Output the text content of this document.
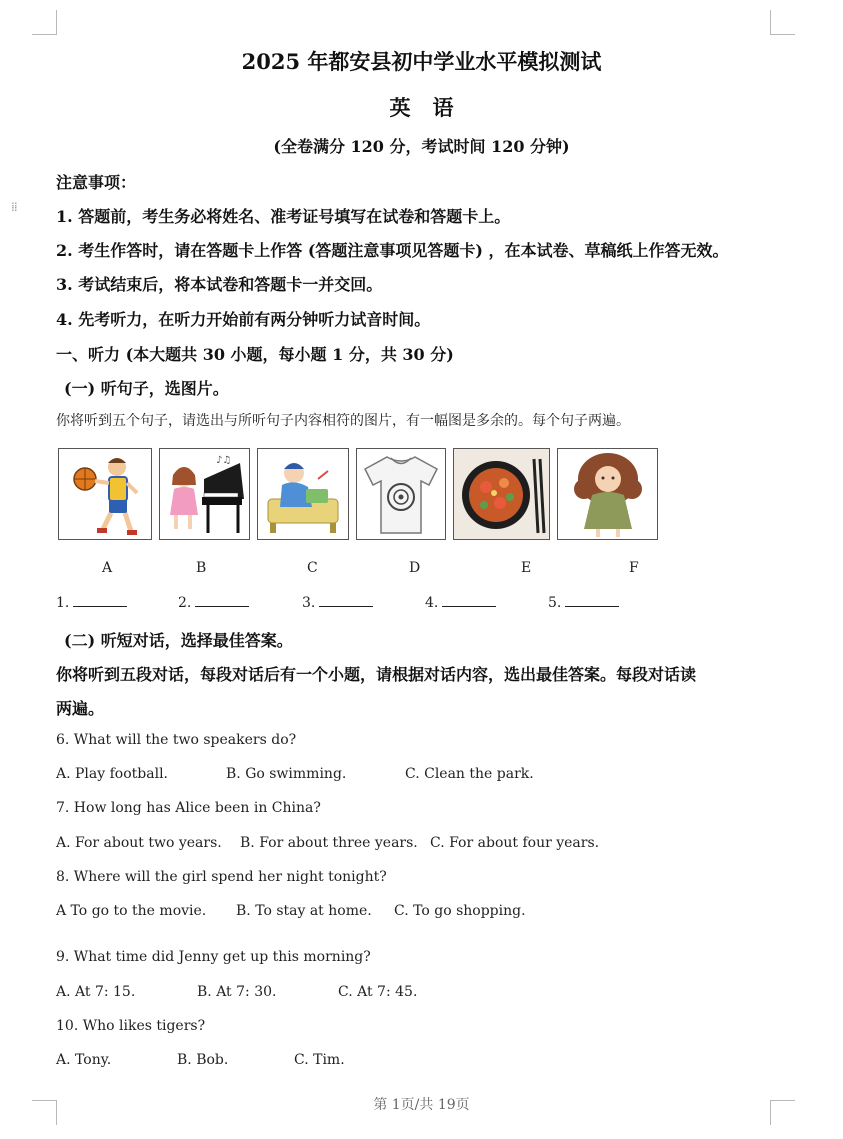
⁞⁞
2025 年都安县初中学业水平模拟测试
英语
(全卷满分 120 分，考试时间 120 分钟)
注意事项：
1. 答题前，考生务必将姓名、准考证号填写在试卷和答题卡上。
2. 考生作答时，请在答题卡上作答 (答题注意事项见答题卡) ，在本试卷、草稿纸上作答无效。
3. 考试结束后，将本试卷和答题卡一并交回。
4. 先考听力，在听力开始前有两分钟听力试音时间。
一、听力 (本大题共 30 小题，每小题 1 分，共 30 分)
(一) 听句子，选图片。
你将听到五个句子，请选出与所听句子内容相符的图片，有一幅图是多余的。每个句子两遍。
♪♫
A	B	C	D	E	F
1.	2.	3.	4.	5.
(二) 听短对话，选择最佳答案。
你将听到五段对话，每段对话后有一个小题，请根据对话内容，选出最佳答案。每段对话读
两遍。
6. What will the two speakers do?
A. Play football.	B. Go swimming.	C. Clean the park.
7. How long has Alice been in China?
A. For about two years. B. For about three years. C. For about four years.
8. Where will the girl spend her night tonight?
A To go to the movie. B. To stay at home. C. To go shopping.
9. What time did Jenny get up this morning?
A. At 7: 15.	B. At 7: 30.	C. At 7: 45.
10. Who likes tigers?
A. Tony.	B. Bob.	C. Tim.
第 1页/共 19页
